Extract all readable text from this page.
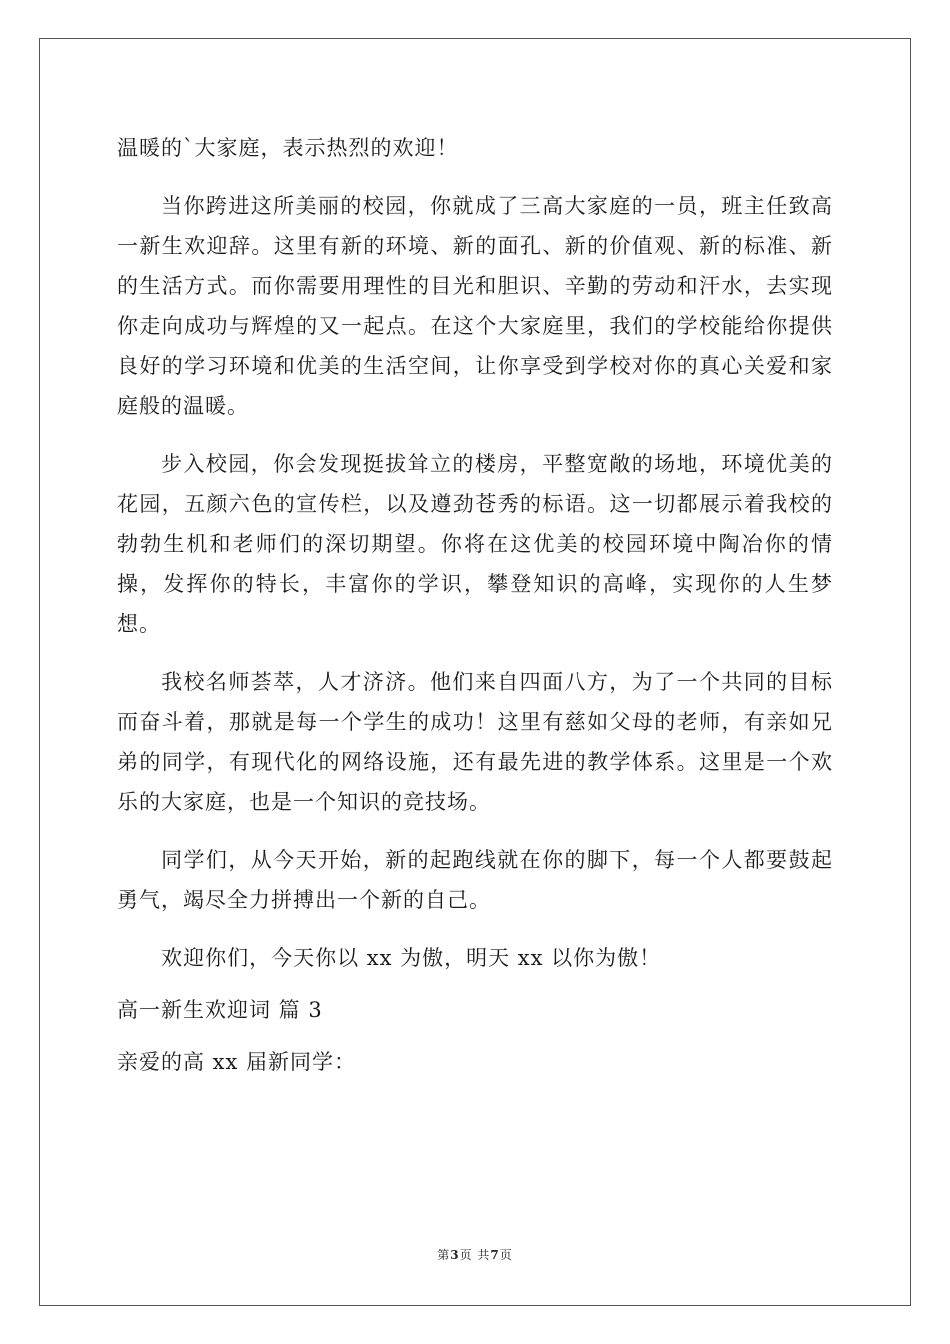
温暖的`大家庭，表示热烈的欢迎！

当你跨进这所美丽的校园，你就成了三高大家庭的一员，班主任致高一新生欢迎辞。这里有新的环境、新的面孔、新的价值观、新的标准、新的生活方式。而你需要用理性的目光和胆识、辛勤的劳动和汗水，去实现你走向成功与辉煌的又一起点。在这个大家庭里，我们的学校能给你提供良好的学习环境和优美的生活空间，让你享受到学校对你的真心关爱和家庭般的温暖。

步入校园，你会发现挺拔耸立的楼房，平整宽敞的场地，环境优美的花园，五颜六色的宣传栏，以及遵劲苍秀的标语。这一切都展示着我校的勃勃生机和老师们的深切期望。你将在这优美的校园环境中陶冶你的情操，发挥你的特长，丰富你的学识，攀登知识的高峰，实现你的人生梦想。

我校名师荟萃，人才济济。他们来自四面八方，为了一个共同的目标而奋斗着，那就是每一个学生的成功！这里有慈如父母的老师，有亲如兄弟的同学，有现代化的网络设施，还有最先进的教学体系。这里是一个欢乐的大家庭，也是一个知识的竞技场。

同学们，从今天开始，新的起跑线就在你的脚下，每一个人都要鼓起勇气，竭尽全力拼搏出一个新的自己。

欢迎你们，今天你以 xx 为傲，明天 xx 以你为傲！

高一新生欢迎词 篇 3

亲爱的高 xx 届新同学：

第3页 共7页
